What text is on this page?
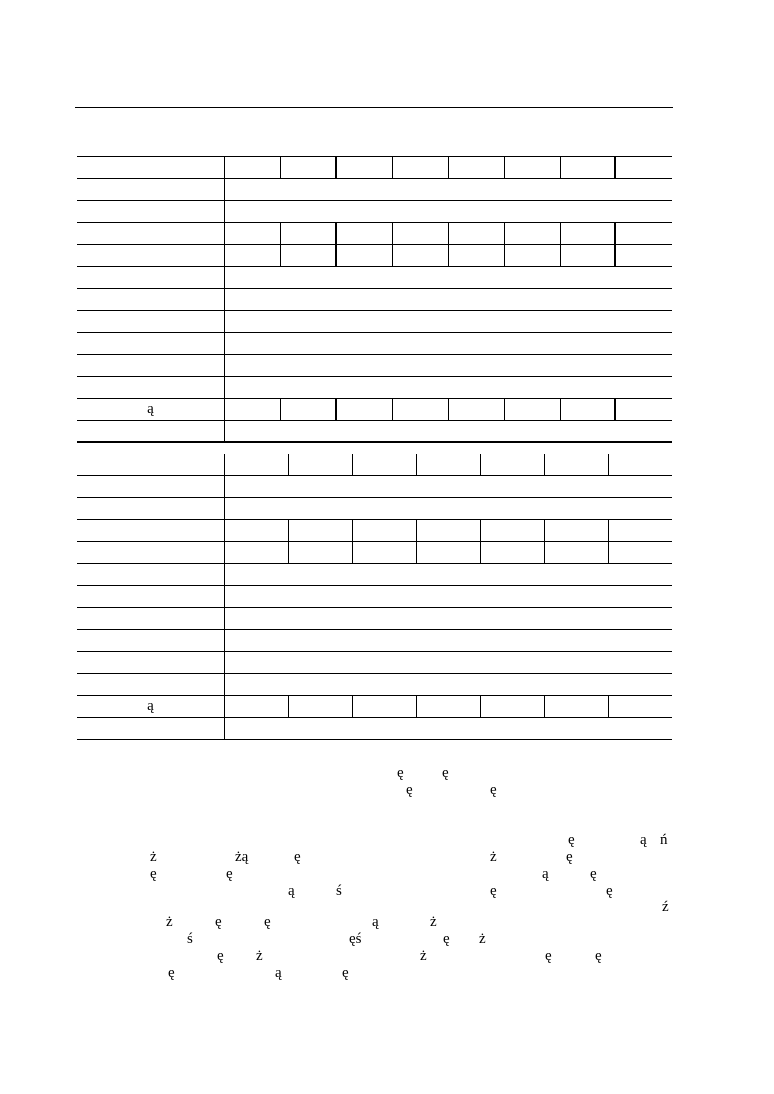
ą
ą
ę	ę
ę	ę
ę	ą ń
ż	żą	ę	ż	ę
ę	ę	ą	ę
ą	ś	ę	ę
ź
ż	ę	ę	ą	ż
ś	ęś	ę ż
ę ż	ż	ę	ę
ę	ą	ę
